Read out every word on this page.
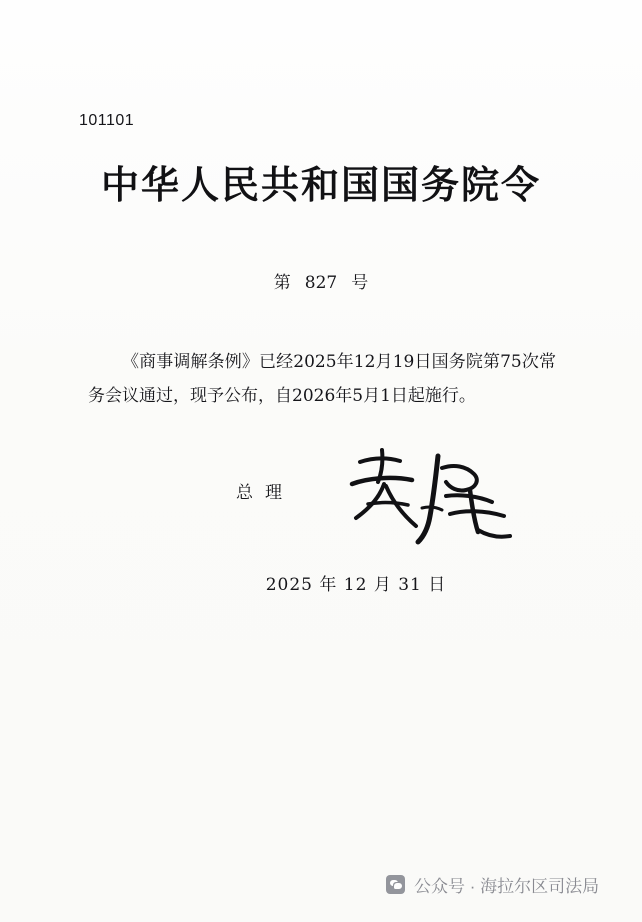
101101
中华人民共和国国务院令
第 827 号
《商事调解条例》已经2025年12月19日国务院第75次常务会议通过，现予公布，自2026年5月1日起施行。
总理
2025 年 12 月 31 日
公众号 · 海拉尔区司法局
